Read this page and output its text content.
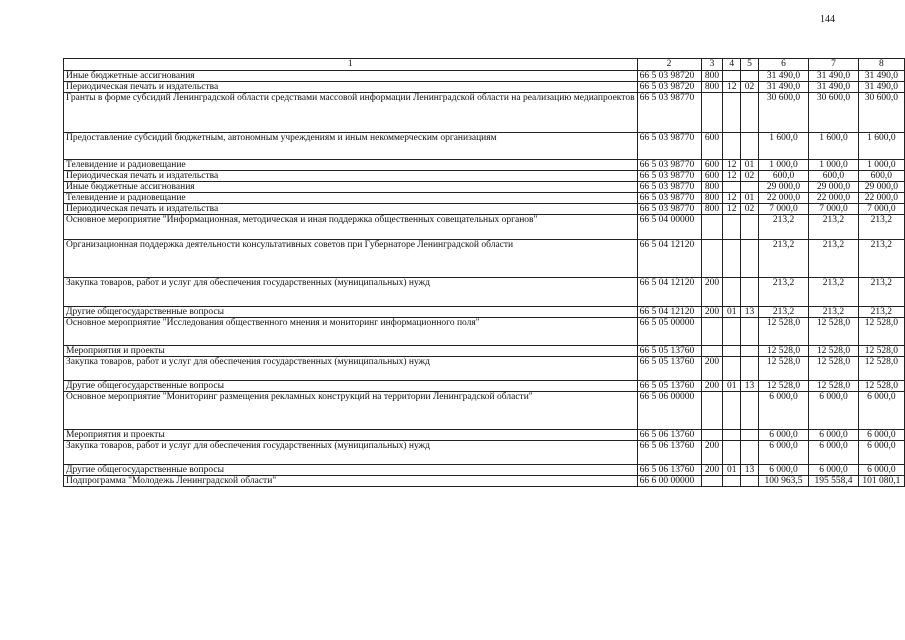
144
1	2	3	4	5	6	7	8
Иные бюджетные ассигнования	66 5 03 98720	800			31 490,0	31 490,0	31 490,0
Периодическая печать и издательства	66 5 03 98720	800	12	02	31 490,0	31 490,0	31 490,0
Гранты в форме субсидий Ленинградской области средствами массовой информации Ленинградской области на реализацию медиапроектов	66 5 03 98770				30 600,0	30 600,0	30 600,0
Предоставление субсидий бюджетным, автономным учреждениям и иным некоммерческим организациям	66 5 03 98770	600			1 600,0	1 600,0	1 600,0
Телевидение и радиовещание	66 5 03 98770	600	12	01	1 000,0	1 000,0	1 000,0
Периодическая печать и издательства	66 5 03 98770	600	12	02	600,0	600,0	600,0
Иные бюджетные ассигнования	66 5 03 98770	800			29 000,0	29 000,0	29 000,0
Телевидение и радиовещание	66 5 03 98770	800	12	01	22 000,0	22 000,0	22 000,0
Периодическая печать и издательства	66 5 03 98770	800	12	02	7 000,0	7 000,0	7 000,0
Основное мероприятие "Информационная, методическая и иная поддержка общественных совещательных органов"	66 5 04 00000				213,2	213,2	213,2
Организационная поддержка деятельности консультативных советов при Губернаторе Ленинградской области	66 5 04 12120				213,2	213,2	213,2
Закупка товаров, работ и услуг для обеспечения государственных (муниципальных) нужд	66 5 04 12120	200			213,2	213,2	213,2
Другие общегосударственные вопросы	66 5 04 12120	200	01	13	213,2	213,2	213,2
Основное мероприятие "Исследования общественного мнения и мониторинг информационного поля"	66 5 05 00000				12 528,0	12 528,0	12 528,0
Мероприятия и проекты	66 5 05 13760				12 528,0	12 528,0	12 528,0
Закупка товаров, работ и услуг для обеспечения государственных (муниципальных) нужд	66 5 05 13760	200			12 528,0	12 528,0	12 528,0
Другие общегосударственные вопросы	66 5 05 13760	200	01	13	12 528,0	12 528,0	12 528,0
Основное мероприятие "Мониторинг размещения рекламных конструкций на территории Ленинградской области"	66 5 06 00000				6 000,0	6 000,0	6 000,0
Мероприятия и проекты	66 5 06 13760				6 000,0	6 000,0	6 000,0
Закупка товаров, работ и услуг для обеспечения государственных (муниципальных) нужд	66 5 06 13760	200			6 000,0	6 000,0	6 000,0
Другие общегосударственные вопросы	66 5 06 13760	200	01	13	6 000,0	6 000,0	6 000,0
Подпрограмма "Молодежь Ленинградской области"	66 6 00 00000				100 963,5	195 558,4	101 080,1
